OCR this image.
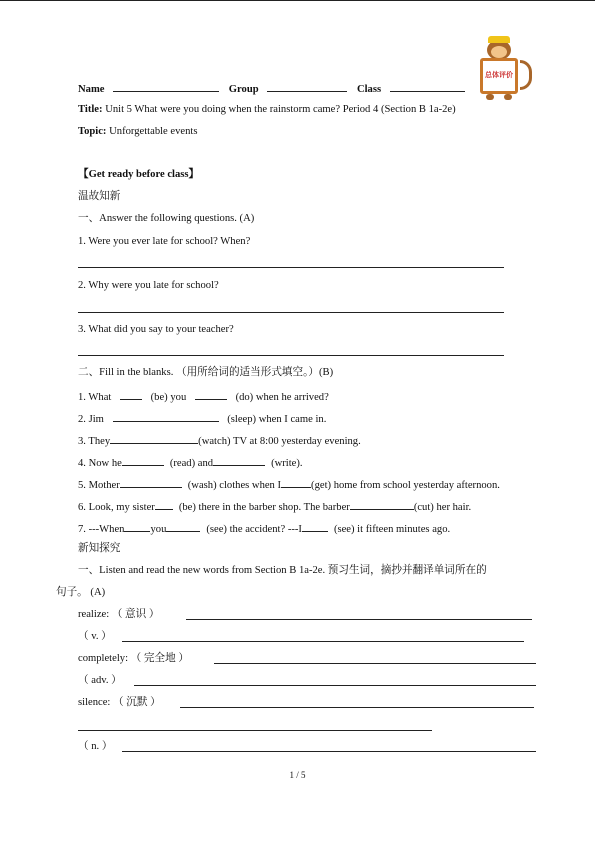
总体评价
Name	Group	Class
Title: Unit 5 What were you doing when the rainstorm came? Period 4 (Section B 1a-2e)
Topic: Unforgettable events
【Get ready before class】
温故知新
一、Answer the following questions. (A)
1. Were you ever late for school? When?
2. Why were you late for school?
3. What did you say to your teacher?
二、Fill in the blanks. （用所给词的适当形式填空。）(B)
1. What	(be) you	(do) when he arrived?
2. Jim	(sleep) when I came in.
3. They	(watch) TV at 8:00 yesterday evening.
4. Now he	(read) and	(write).
5. Mother	(wash) clothes when I	(get) home from school yesterday afternoon.
6. Look, my sister (be) there in the barber shop. The barber	(cut) her hair.
7. ---When you	(see) the accident? ---I	(see) it fifteen minutes ago.
新知探究
一、Listen and read the new words from Section B 1a-2e. 预习生词，摘抄并翻译单词所在的
句子。 (A)
realize: （ 意识 ）
（ v. ）
completely: （ 完全地 ）
（ adv. ）
silence: （ 沉默 ）
（ n. ）
1 / 5
